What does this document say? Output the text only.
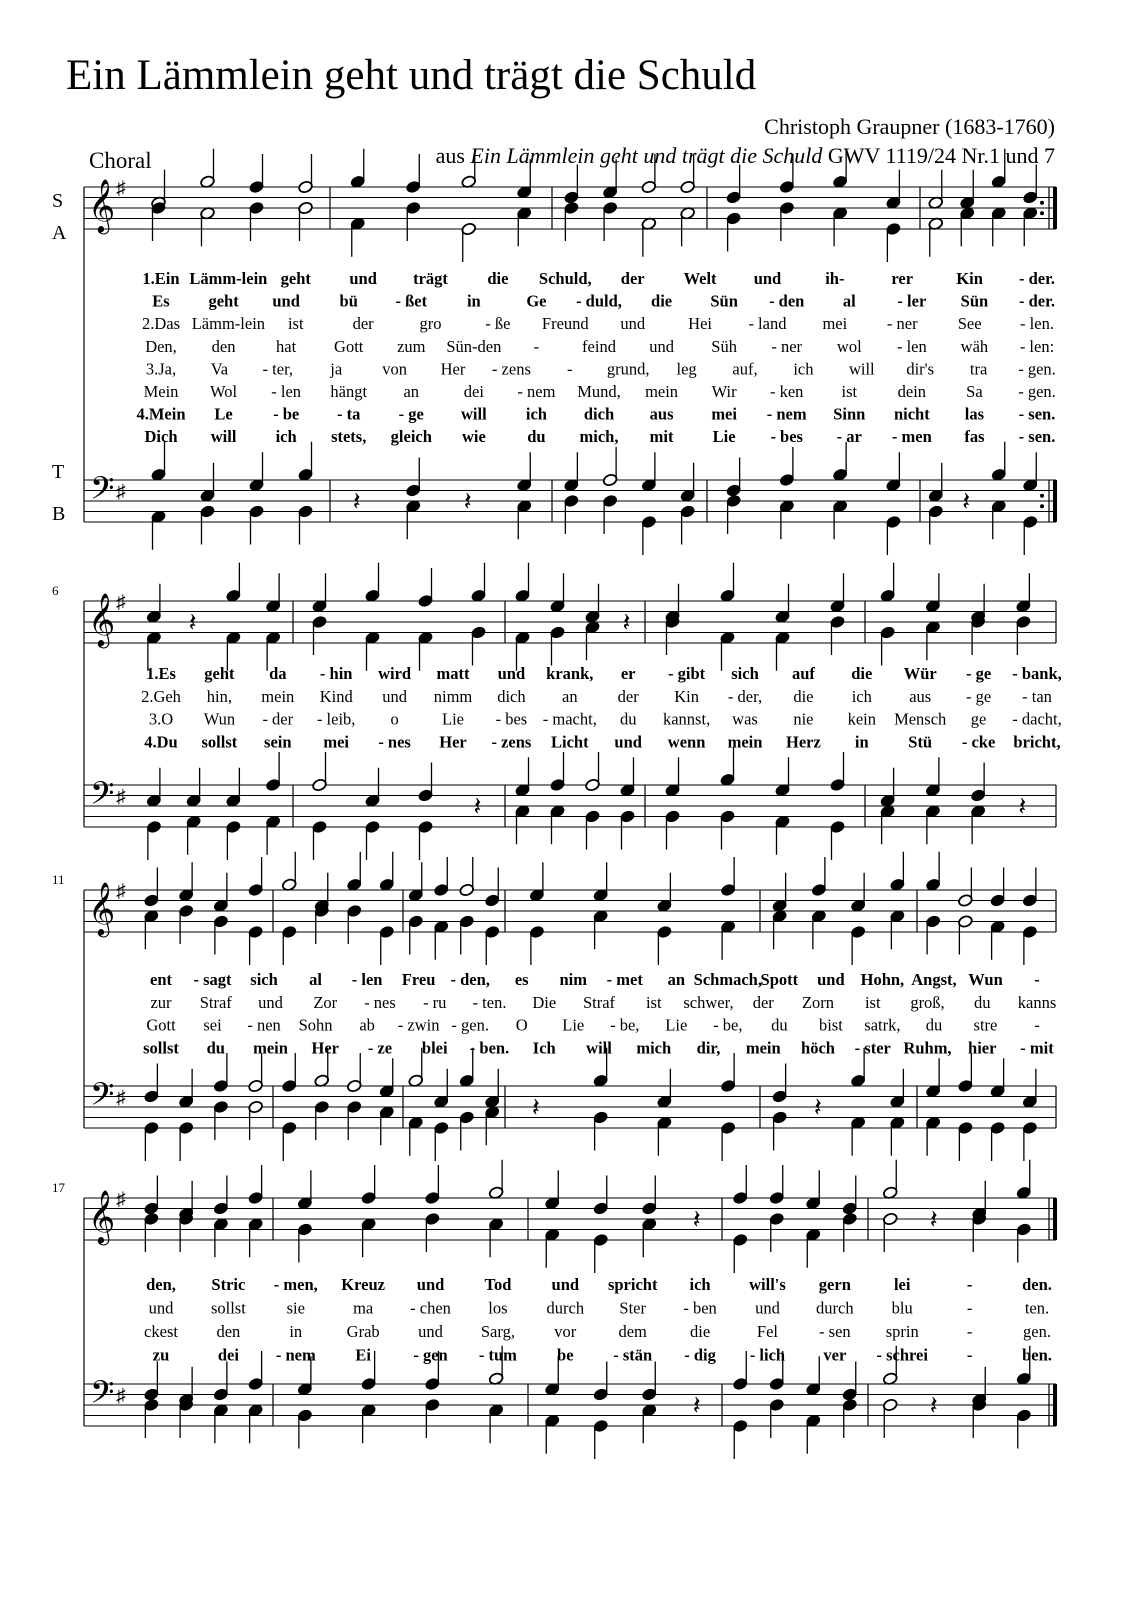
𝄞
𝄢
♯
♯	𝄽	𝄽	𝄽
1.Ein Lämm-lein geht und trägt die Schuld, der Welt und	ih-	rer	Kin - der.
Es geht und bü - ßet in	Ge - duld, die Sün - den al	- ler Sün - der.
2.Das Lämm-lein ist	der	gro	- ße Freund und	Hei - land mei - ner See - len.
Den, den hat Gott zum Sün-den -	feind und Süh - ner wol - len wäh - len:
3.Ja, Va - ter, ja von Her - zens - grund, leg auf, ich will dir's tra - gen.
Mein Wol - len hängt an	dei - nem Mund, mein Wir - ken ist dein Sa - gen.
4.Mein Le - be - ta - ge will ich dich aus mei - nem Sinn nicht las - sen.
Dich will ich stets, gleich wie	du mich, mit Lie - bes - ar - men fas - sen.
𝄞
𝄢
♯
♯
6
𝄽	𝄽
𝄽	𝄽
1.Es geht da - hin wird matt und krank, er - gibt sich auf die Wür - ge - bank,
2.Geh hin, mein Kind und nimm dich an der Kin - der, die ich aus - ge - tan
3.O Wun - der - leib, o	Lie - bes - macht, du kannst, was nie kein Mensch ge - dacht,
4.Du sollst sein mei - nes Her - zens Licht und wenn mein Herz in Stü - cke bricht,
𝄞
𝄢
♯
♯
11
𝄽	𝄽
ent - sagt sich al - len Freu - den, es nim - met an Schmach,
Spott und Hohn, Angst, Wun -
zur Straf und Zor - nes - ru - ten. Die Straf ist schwer, der Zorn ist groß, du kanns
Gott sei - nen Sohn ab - zwin - gen. O Lie - be, Lie - be, du bist satrk, du stre -
sollst du mein Her - ze blei - ben. Ich will mich dir, mein höch - ster Ruhm, hier - mit
𝄞
𝄢
♯
♯
17
𝄽	𝄽
𝄽	𝄽
den, Stric - men, Kreuz und Tod und spricht ich will's gern	lei	-	den.
und sollst sie	ma - chen los durch Ster - ben und durch blu	-	ten.
ckest den	in	Grab und Sarg, vor	dem	die	Fel - sen sprin	-	gen.
zu	dei - nem Ei	- gen - tum be - stän - dig - lich ver - schrei -	ben.
S
A
T
B
Ein Lämmlein geht und trägt die Schuld
Christoph Graupner (1683-1760)
aus Ein Lämmlein geht und trägt die Schuld GWV 1119/24 Nr.1 und 7
Choral
